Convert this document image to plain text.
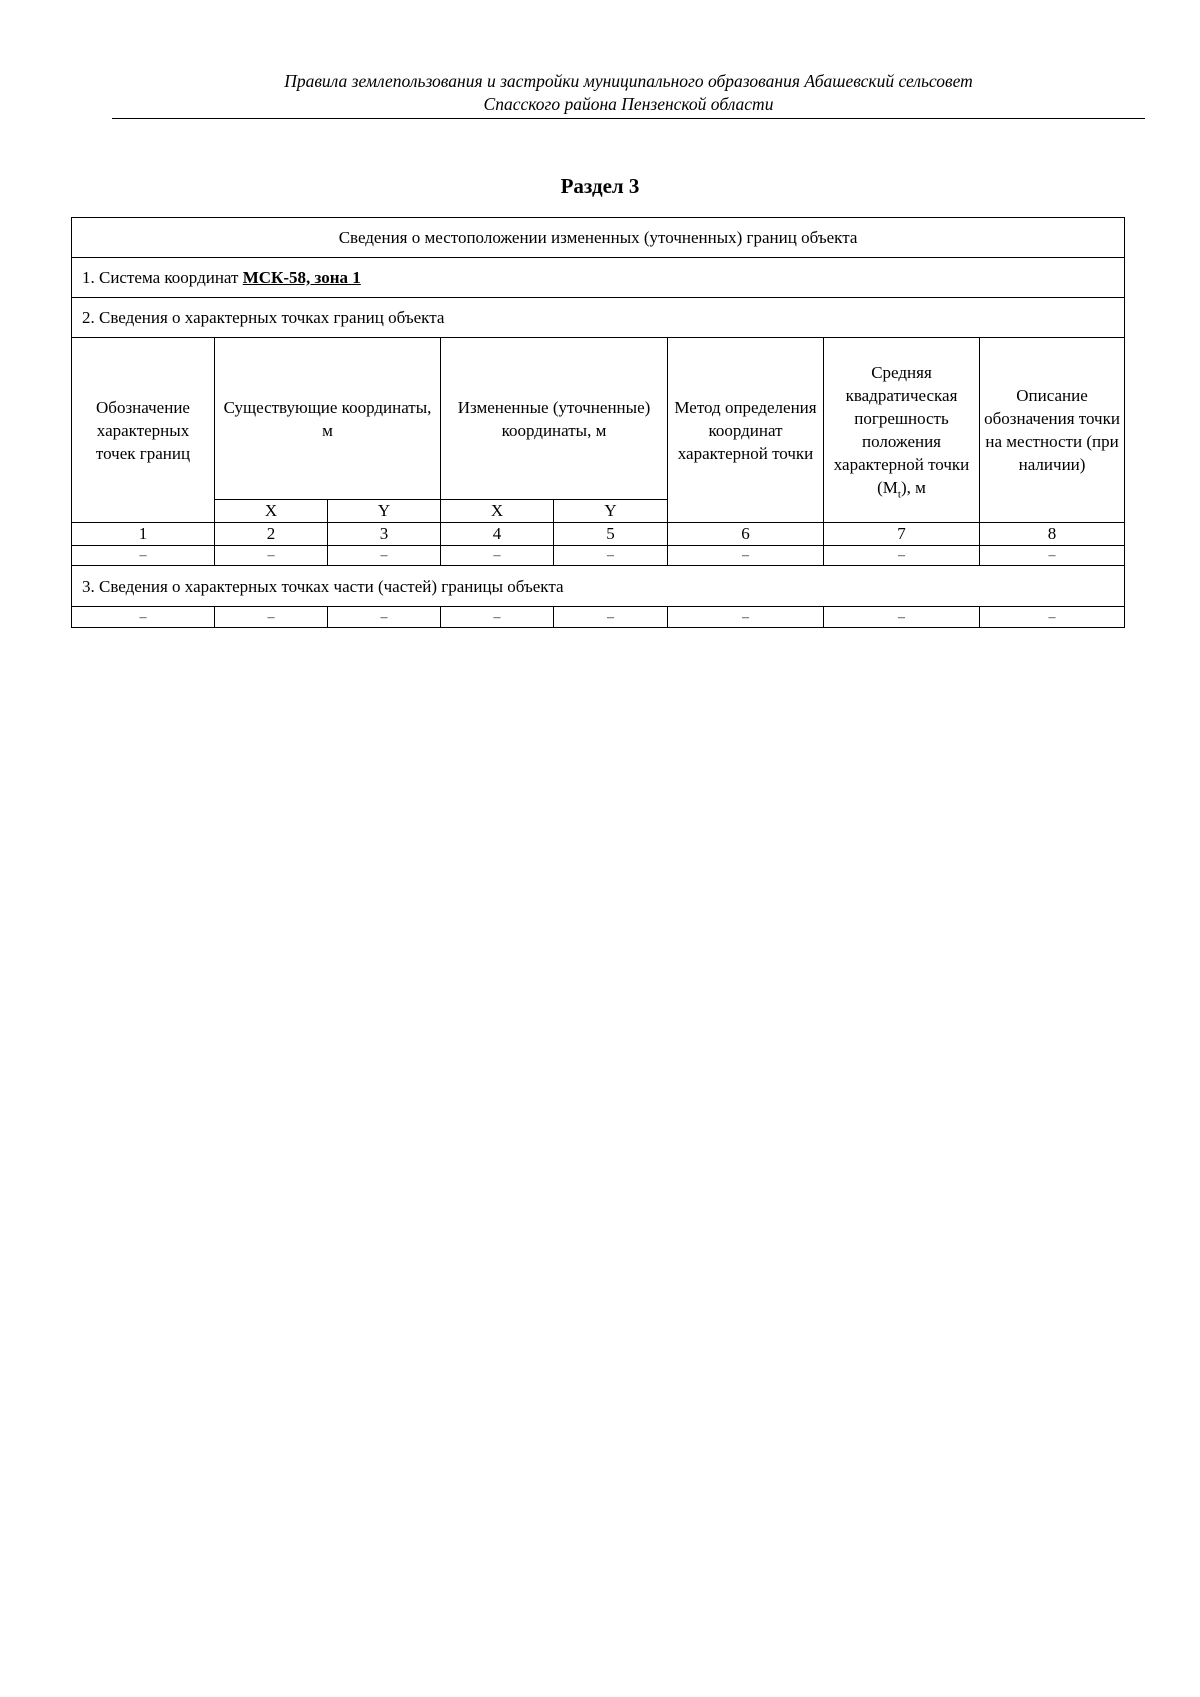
Правила землепользования и застройки муниципального образования Абашевский сельсовет
Спасского района Пензенской области
Раздел 3
Сведения о местоположении измененных (уточненных) границ объекта							
1. Система координат МСК-58, зона 1							
2. Сведения о характерных точках границ объекта							
Обозначение характерных точек границ	Существующие координаты, м		Измененные (уточненные) координаты, м		Метод определения координат характерной точки	Средняя квадратическая погрешность положения характерной точки $(M_t)$, м	Описание обозначения точки на местности (при наличии)
	X	Y	X	Y			
1	2	3	4	5	6	7	8
–	–	–	–	–	–	–	–
3. Сведения о характерных точках части (частей) границы объекта							
–	–	–	–	–	–	–	–
